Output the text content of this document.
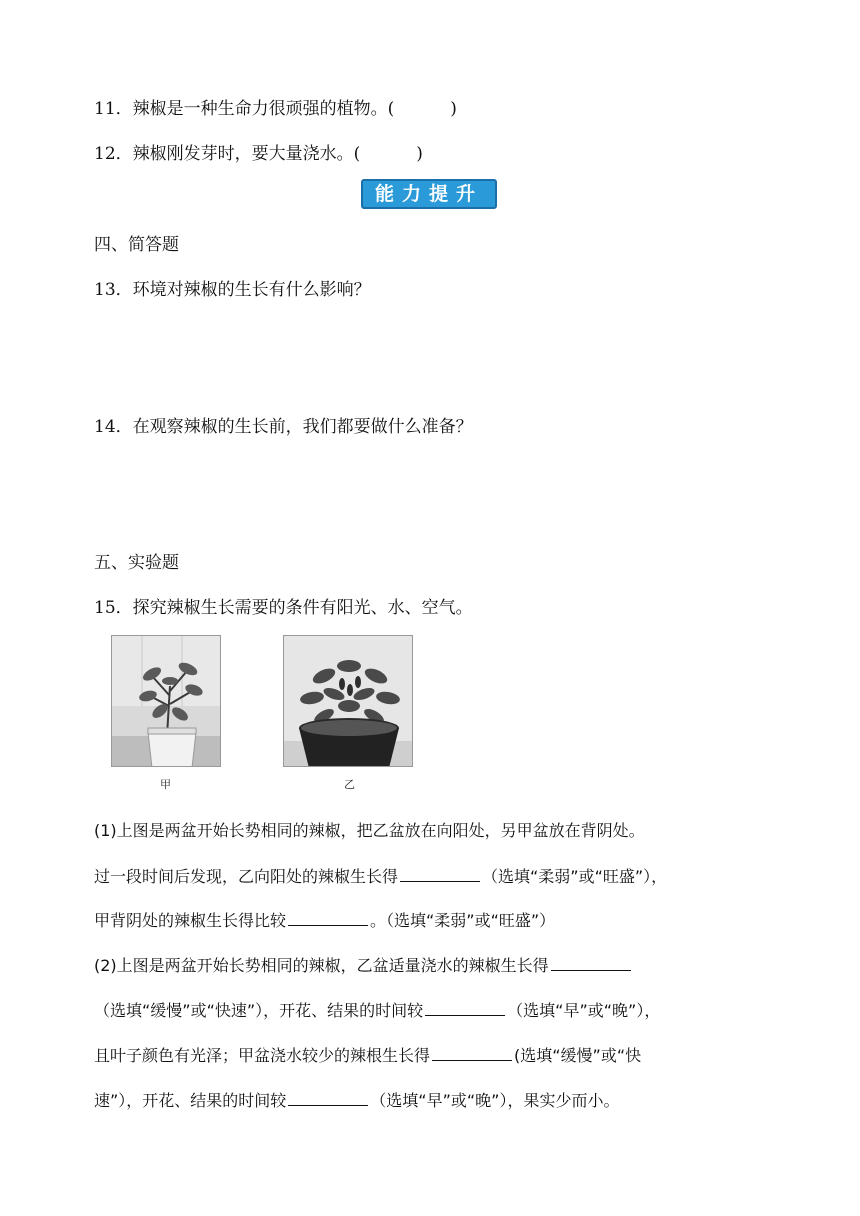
11．辣椒是一种生命力很顽强的植物。(	)
12．辣椒刚发芽时，要大量浇水。(	)
能力提升
四、简答题
13．环境对辣椒的生长有什么影响？
14．在观察辣椒的生长前，我们都要做什么准备？
五、实验题
15．探究辣椒生长需要的条件有阳光、水、空气。
甲	乙
(1)上图是两盆开始长势相同的辣椒，把乙盆放在向阳处，另甲盆放在背阴处。
过一段时间后发现，乙向阳处的辣椒生长得	（选填“柔弱”或“旺盛”），
甲背阴处的辣椒生长得比较	。（选填“柔弱”或“旺盛”）
(2)上图是两盆开始长势相同的辣椒，乙盆适量浇水的辣椒生长得
（选填“缓慢”或“快速”），开花、结果的时间较	（选填“早”或“晚”），
且叶子颜色有光泽；甲盆浇水较少的辣根生长得	(选填“缓慢”或“快
速”），开花、结果的时间较	（选填“早”或“晚”），果实少而小。
